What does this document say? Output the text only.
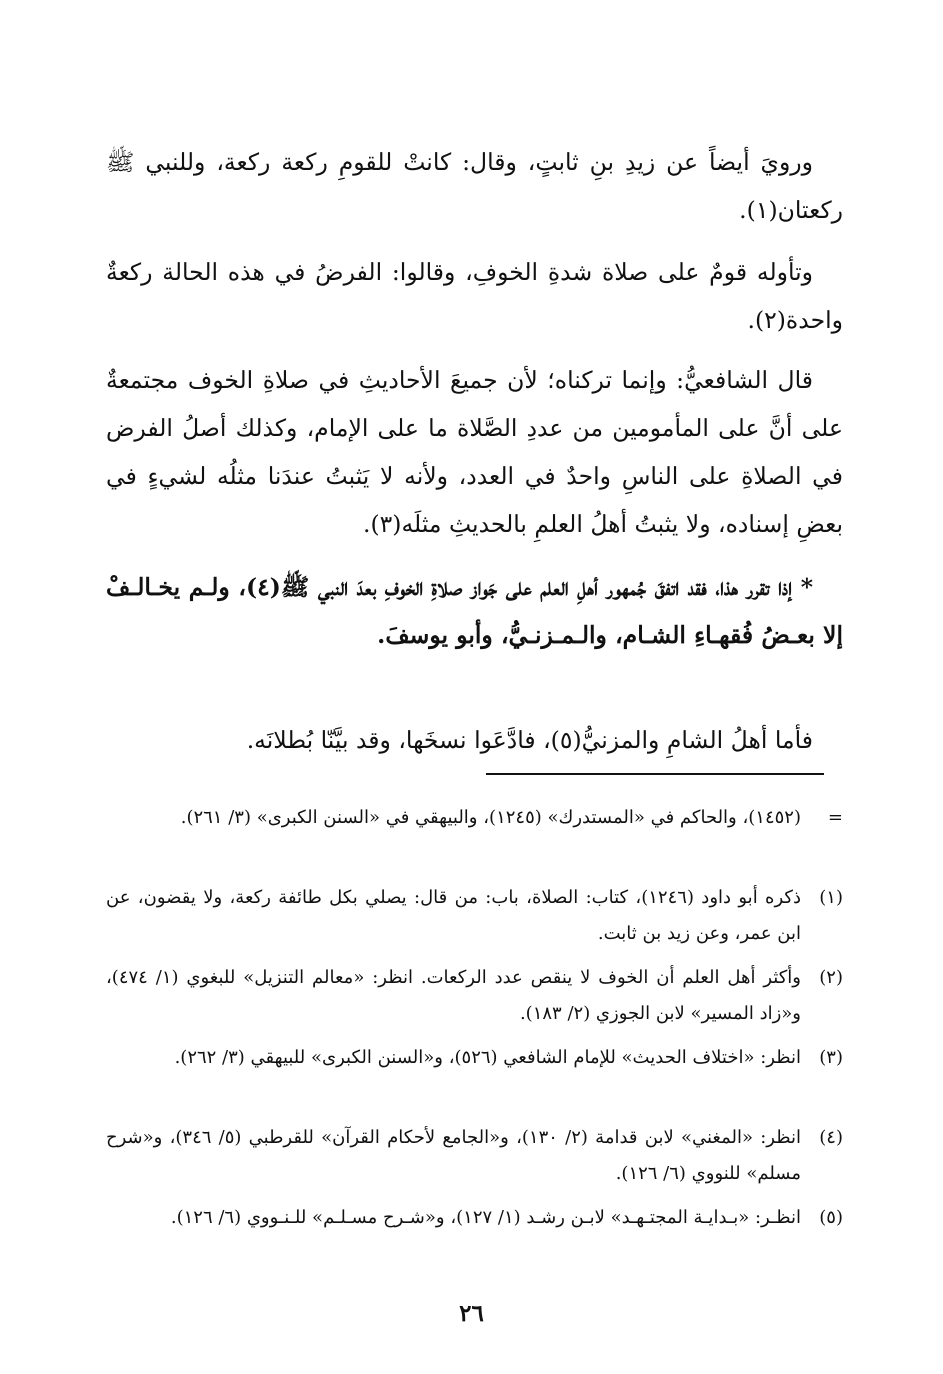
ورويَ أيضاً عن زيدِ بنِ ثابتٍ، وقال: كانتْ للقومِ ركعة ركعة، وللنبي ﷺ ركعتان(١).

وتأوله قومٌ على صلاة شدةِ الخوفِ، وقالوا: الفرضُ في هذه الحالة ركعةٌ واحدة(٢).

قال الشافعيُّ: وإنما تركناه؛ لأن جميعَ الأحاديثِ في صلاةِ الخوف مجتمعةٌ على أنَّ على المأمومين من عددِ الصَّلاة ما على الإمام، وكذلك أصلُ الفرض في الصلاةِ على الناسِ واحدٌ في العدد، ولأنه لا يَثبتُ عندَنا مثلُه لشيءٍ في بعضِ إسناده، ولا يثبتُ أهلُ العلمِ بالحديثِ مثلَه(٣).

* إذا تقرر هذا، فقد اتفقَ جُمهور أهلِ العلم على جَواز صلاةِ الخوفِ بعدَ النبي ﷺ(٤)، ولـم يخـالـفْ إلا بعـضُ فُقهـاءِ الشـام، والـمـزنـيُّ، وأبو يوسفَ.

فأما أهلُ الشامِ والمزنيُّ(٥)، فادَّعَوا نسخَها، وقد بيَّنّا بُطلانَه.

=
(١٤٥٢)، والحاكم في «المستدرك» (١٢٤٥)، والبيهقي في «السنن الكبرى» (٣/ ٢٦١).
(١)
ذكره أبو داود (١٢٤٦)، كتاب: الصلاة، باب: من قال: يصلي بكل طائفة ركعة، ولا يقضون، عن ابن عمر، وعن زيد بن ثابت.
(٢)
وأكثر أهل العلم أن الخوف لا ينقص عدد الركعات. انظر: «معالم التنزيل» للبغوي (١/ ٤٧٤)، و«زاد المسير» لابن الجوزي (٢/ ١٨٣).
(٣)
انظر: «اختلاف الحديث» للإمام الشافعي (٥٢٦)، و«السنن الكبرى» للبيهقي (٣/ ٢٦٢).
(٤)
انظر: «المغني» لابن قدامة (٢/ ١٣٠)، و«الجامع لأحكام القرآن» للقرطبي (٥/ ٣٤٦)، و«شرح مسلم» للنووي (٦/ ١٢٦).
(٥)
انظـر: «بـدايـة المجتـهـد» لابـن رشـد (١/ ١٢٧)، و«شـرح مسـلـم» للـنـووي (٦/ ١٢٦).
٢٦
